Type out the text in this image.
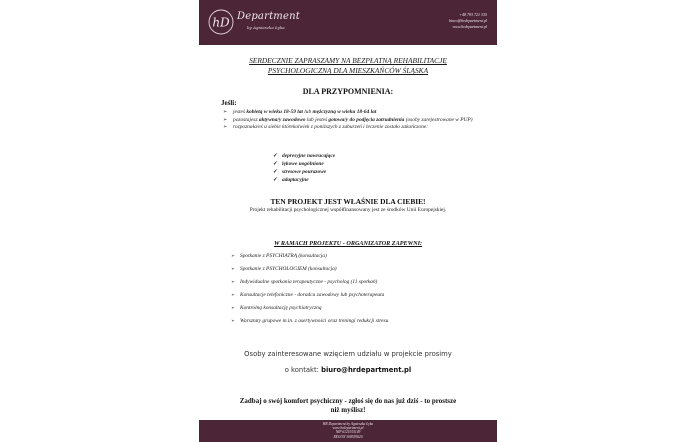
hD Department
by Agnieszka Łyka
+48 793 721 335
biuro@hrdepartment.pl
www.hrdepartment.pl
SERDECZNIE ZAPRASZAMY NA BEZPŁATNĄ REHABILITACJĘ
PSYCHOLOGICZNĄ DLA MIESZKAŃCÓW ŚLĄSKA
DLA PRZYPOMNIENIA:
Jeśli:
➢ jesteś kobietą w wieku 18-59 lat lub mężczyzną w wieku 18-64 lat
➢ pozostajesz aktywna/y zawodowo lub jesteś gotowa/y do podjęcia zatrudnienia (osoby zarejestrowane w PUP)
➢ rozpoznała/eś u siebie którekolwiek z poniższych z zaburzeń i leczenie zostało zakończone:
✓ depresyjne nawracające
✓ lękowe uogólnione
✓ stresowe pourazowe
✓ adaptacyjne
TEN PROJEKT JEST WŁAŚNIE DLA CIEBIE!
Projekt rehabilitacji psychologicznej współfinansowany jest ze środków Unii Europejskiej.
W RAMACH PROJEKTU - ORGANIZATOR ZAPEWNI:
➢ Spotkanie z PSYCHIATRĄ (konsultacja)
➢ Spotkanie z PSYCHOLOGIEM (konsultacja)
➢ Indywidualne spotkania terapeutyczne - psycholog (11 spotkań)
➢ Konsultacje telefoniczne - doradca zawodowy lub psychoterapeuta
➢ Kontrolną konsultację psychiatryczną
➢ Warsztaty grupowe m.in. z asertywności oraz treningi redukcji stresu
Osoby zainteresowane wzięciem udziału w projekcie prosimy
o kontakt: biuro@hrdepartment.pl
Zadbaj o swój komfort psychiczny - zgłoś się do nas już dziś - to prostsze niż myślisz!
HR Department by Agnieszka Łyka
www.hrdepartment.pl
NIP 6121915149
REGON 368539620
